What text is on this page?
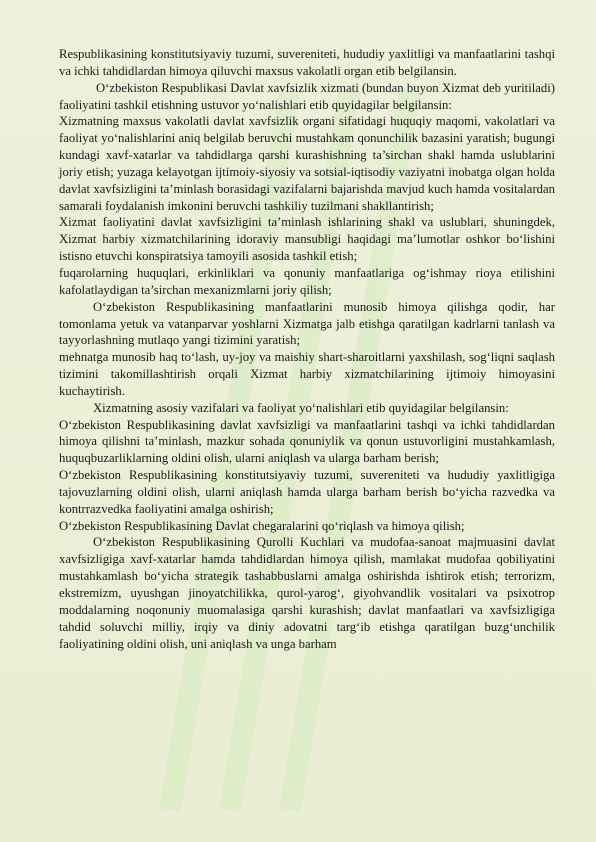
Respublikasining konstitutsiyaviy tuzumi, suvereniteti, hududiy yaxlitligi va manfaatlarini tashqi va ichki tahdidlardan himoya qiluvchi maxsus vakolatli organ etib belgilansin.

O‘zbekiston Respublikasi Davlat xavfsizlik xizmati (bundan buyon Xizmat deb yuritiladi) faoliyatini tashkil etishning ustuvor yo‘nalishlari etib quyidagilar belgilansin:

Xizmatning maxsus vakolatli davlat xavfsizlik organi sifatidagi huquqiy maqomi, vakolatlari va faoliyat yo‘nalishlarini aniq belgilab beruvchi mustahkam qonunchilik bazasini yaratish; bugungi kundagi xavf-xatarlar va tahdidlarga qarshi kurashishning ta’sirchan shakl hamda uslublarini joriy etish; yuzaga kelayotgan ijtimoiy-siyosiy va sotsial-iqtisodiy vaziyatni inobatga olgan holda davlat xavfsizligini ta’minlash borasidagi vazifalarni bajarishda mavjud kuch hamda vositalardan samarali foydalanish imkonini beruvchi tashkiliy tuzilmani shakllantirish;

Xizmat faoliyatini davlat xavfsizligini ta’minlash ishlarining shakl va uslublari, shuningdek, Xizmat harbiy xizmatchilarining idoraviy mansubligi haqidagi ma’lumotlar oshkor bo‘lishini istisno etuvchi konspiratsiya tamoyili asosida tashkil etish;

fuqarolarning huquqlari, erkinliklari va qonuniy manfaatlariga og‘ishmay rioya etilishini kafolatlaydigan ta’sirchan mexanizmlarni joriy qilish;

O‘zbekiston Respublikasining manfaatlarini munosib himoya qilishga qodir, har tomonlama yetuk va vatanparvar yoshlarni Xizmatga jalb etishga qaratilgan kadrlarni tanlash va tayyorlashning mutlaqo yangi tizimini yaratish;

mehnatga munosib haq to‘lash, uy-joy va maishiy shart-sharoitlarni yaxshilash, sog‘liqni saqlash tizimini takomillashtirish orqali Xizmat harbiy xizmatchilarining ijtimoiy himoyasini kuchaytirish.

Xizmatning asosiy vazifalari va faoliyat yo‘nalishlari etib quyidagilar belgilansin:

O‘zbekiston Respublikasining davlat xavfsizligi va manfaatlarini tashqi va ichki tahdidlardan himoya qilishni ta’minlash, mazkur sohada qonuniylik va qonun ustuvorligini mustahkamlash, huquqbuzarliklarning oldini olish, ularni aniqlash va ularga barham berish;

O‘zbekiston Respublikasining konstitutsiyaviy tuzumi, suvereniteti va hududiy yaxlitligiga tajovuzlarning oldini olish, ularni aniqlash hamda ularga barham berish bo‘yicha razvedka va kontrrazvedka faoliyatini amalga oshirish;

O‘zbekiston Respublikasining Davlat chegaralarini qo‘riqlash va himoya qilish;

O‘zbekiston Respublikasining Qurolli Kuchlari va mudofaa-sanoat majmuasini davlat xavfsizligiga xavf-xatarlar hamda tahdidlardan himoya qilish, mamlakat mudofaa qobiliyatini mustahkamlash bo‘yicha strategik tashabbuslarni amalga oshirishda ishtirok etish; terrorizm, ekstremizm, uyushgan jinoyatchilikka, qurol-yarog‘, giyohvandlik vositalari va psixotrop moddalarning noqonuniy muomalasiga qarshi kurashish; davlat manfaatlari va xavfsizligiga tahdid soluvchi milliy, irqiy va diniy adovatni targ‘ib etishga qaratilgan buzg‘unchilik faoliyatining oldini olish, uni aniqlash va unga barham
